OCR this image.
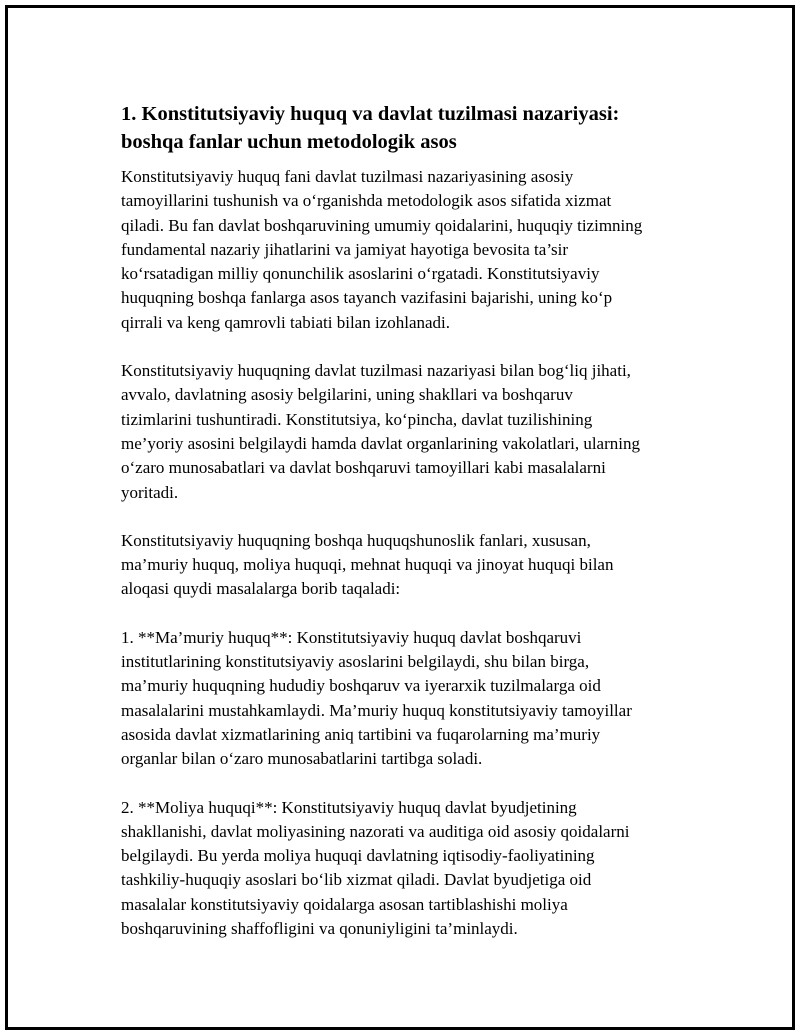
1. Konstitutsiyaviy huquq va davlat tuzilmasi nazariyasi:
boshqa fanlar uchun metodologik asos

Konstitutsiyaviy huquq fani davlat tuzilmasi nazariyasining asosiy
tamoyillarini tushunish va o‘rganishda metodologik asos sifatida xizmat
qiladi. Bu fan davlat boshqaruvining umumiy qoidalarini, huquqiy tizimning
fundamental nazariy jihatlarini va jamiyat hayotiga bevosita ta’sir
ko‘rsatadigan milliy qonunchilik asoslarini o‘rgatadi. Konstitutsiyaviy
huquqning boshqa fanlarga asos tayanch vazifasini bajarishi, uning ko‘p
qirrali va keng qamrovli tabiati bilan izohlanadi.

Konstitutsiyaviy huquqning davlat tuzilmasi nazariyasi bilan bog‘liq jihati,
avvalo, davlatning asosiy belgilarini, uning shakllari va boshqaruv
tizimlarini tushuntiradi. Konstitutsiya, ko‘pincha, davlat tuzilishining
me’yoriy asosini belgilaydi hamda davlat organlarining vakolatlari, ularning
o‘zaro munosabatlari va davlat boshqaruvi tamoyillari kabi masalalarni
yoritadi.

Konstitutsiyaviy huquqning boshqa huquqshunoslik fanlari, xususan,
ma’muriy huquq, moliya huquqi, mehnat huquqi va jinoyat huquqi bilan
aloqasi quydi masalalarga borib taqaladi:

1. **Ma’muriy huquq**: Konstitutsiyaviy huquq davlat boshqaruvi
institutlarining konstitutsiyaviy asoslarini belgilaydi, shu bilan birga,
ma’muriy huquqning hududiy boshqaruv va iyerarxik tuzilmalarga oid
masalalarini mustahkamlaydi. Ma’muriy huquq konstitutsiyaviy tamoyillar
asosida davlat xizmatlarining aniq tartibini va fuqarolarning ma’muriy
organlar bilan o‘zaro munosabatlarini tartibga soladi.

2. **Moliya huquqi**: Konstitutsiyaviy huquq davlat byudjetining
shakllanishi, davlat moliyasining nazorati va auditiga oid asosiy qoidalarni
belgilaydi. Bu yerda moliya huquqi davlatning iqtisodiy-faoliyatining
tashkiliy-huquqiy asoslari bo‘lib xizmat qiladi. Davlat byudjetiga oid
masalalar konstitutsiyaviy qoidalarga asosan tartiblashishi moliya
boshqaruvining shaffofligini va qonuniyligini ta’minlaydi.
